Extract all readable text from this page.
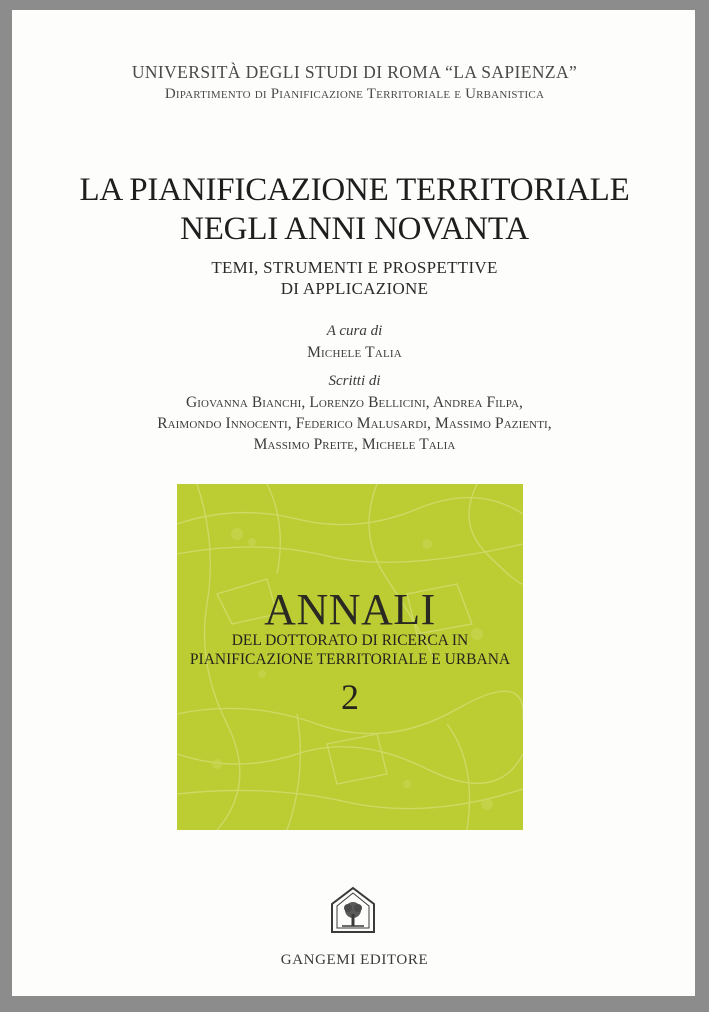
UNIVERSITÀ DEGLI STUDI DI ROMA “LA SAPIENZA”
Dipartimento di Pianificazione Territoriale e Urbanistica
LA PIANIFICAZIONE TERRITORIALE
NEGLI ANNI NOVANTA
TEMI, STRUMENTI E PROSPETTIVE
DI APPLICAZIONE
A cura di
Michele Talia
Scritti di
Giovanna Bianchi, Lorenzo Bellicini, Andrea Filpa,
Raimondo Innocenti, Federico Malusardi, Massimo Pazienti,
Massimo Preite, Michele Talia
ANNALI
DEL DOTTORATO DI RICERCA IN
PIANIFICAZIONE TERRITORIALE E URBANA
2
GANGEMI EDITORE
